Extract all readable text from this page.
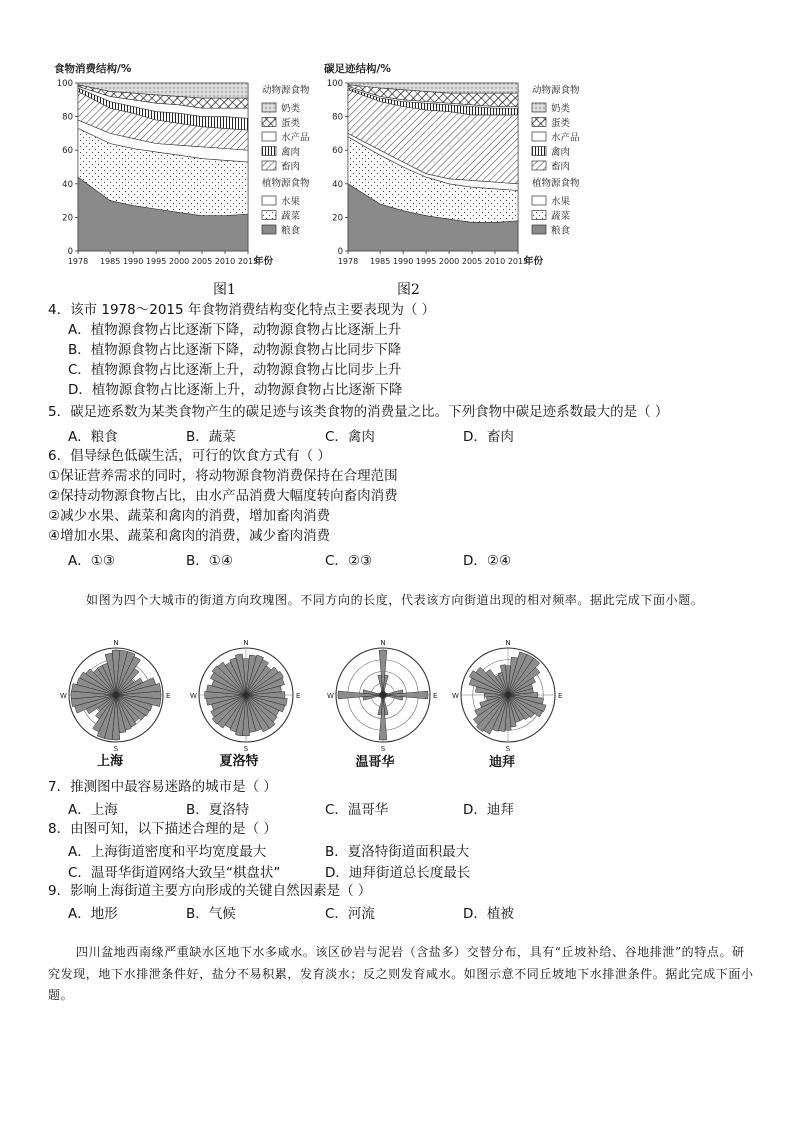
食物消费结构/%
100
80
60
40
20
0
1978 1985 1990 1995 2000 2005 2010 2015
年份
动物源食物
奶类
蛋类
水产品
禽肉
畜肉
植物源食物
水果
蔬菜
粮食
图1
碳足迹结构/%
100
80
60
40
20
0
1978 1985 1990 1995 2000 2005 2010 2015
年份
动物源食物
奶类
蛋类
水产品
禽肉
畜肉
植物源食物
水果
蔬菜
粮食
图2
4．该市 1978～2015 年食物消费结构变化特点主要表现为（ ）
A．植物源食物占比逐渐下降，动物源食物占比逐渐上升
B．植物源食物占比逐渐下降，动物源食物占比同步下降
C．植物源食物占比逐渐上升，动物源食物占比同步上升
D．植物源食物占比逐渐上升，动物源食物占比逐渐下降
5．碳足迹系数为某类食物产生的碳足迹与该类食物的消费量之比。下列食物中碳足迹系数最大的是（ ）
A．粮食	B．蔬菜	C．禽肉	D．畜肉
6．倡导绿色低碳生活，可行的饮食方式有（ ）
①保证营养需求的同时，将动物源食物消费保持在合理范围
②保持动物源食物占比，由水产品消费大幅度转向畜肉消费
②减少水果、蔬菜和禽肉的消费，增加畜肉消费
④增加水果、蔬菜和禽肉的消费，减少畜肉消费
A．①③	B．①④	C．②③	D．②④
如图为四个大城市的街道方向玫瑰图。不同方向的长度，代表该方向街道出现的相对频率。据此完成下面小题。
N
S
E
W
N
S
E
W
N
S
E
W
N
S
E
W
上海	夏洛特	温哥华	迪拜
7．推测图中最容易迷路的城市是（ ）
A．上海	B．夏洛特	C．温哥华	D．迪拜
8．由图可知，以下描述合理的是（ ）
A．上海街道密度和平均宽度最大	B．夏洛特街道面积最大
C．温哥华街道网络大致呈“棋盘状”	D．迪拜街道总长度最长
9．影响上海街道主要方向形成的关键自然因素是（ ）
A．地形	B．气候	C．河流	D．植被
四川盆地西南缘严重缺水区地下水多咸水。该区砂岩与泥岩（含盐多）交替分布，具有“丘坡补给、谷地排泄”的特点。研究发现，地下水排泄条件好，盐分不易积累，发育淡水；反之则发育咸水。如图示意不同丘坡地下水排泄条件。据此完成下面小题。
